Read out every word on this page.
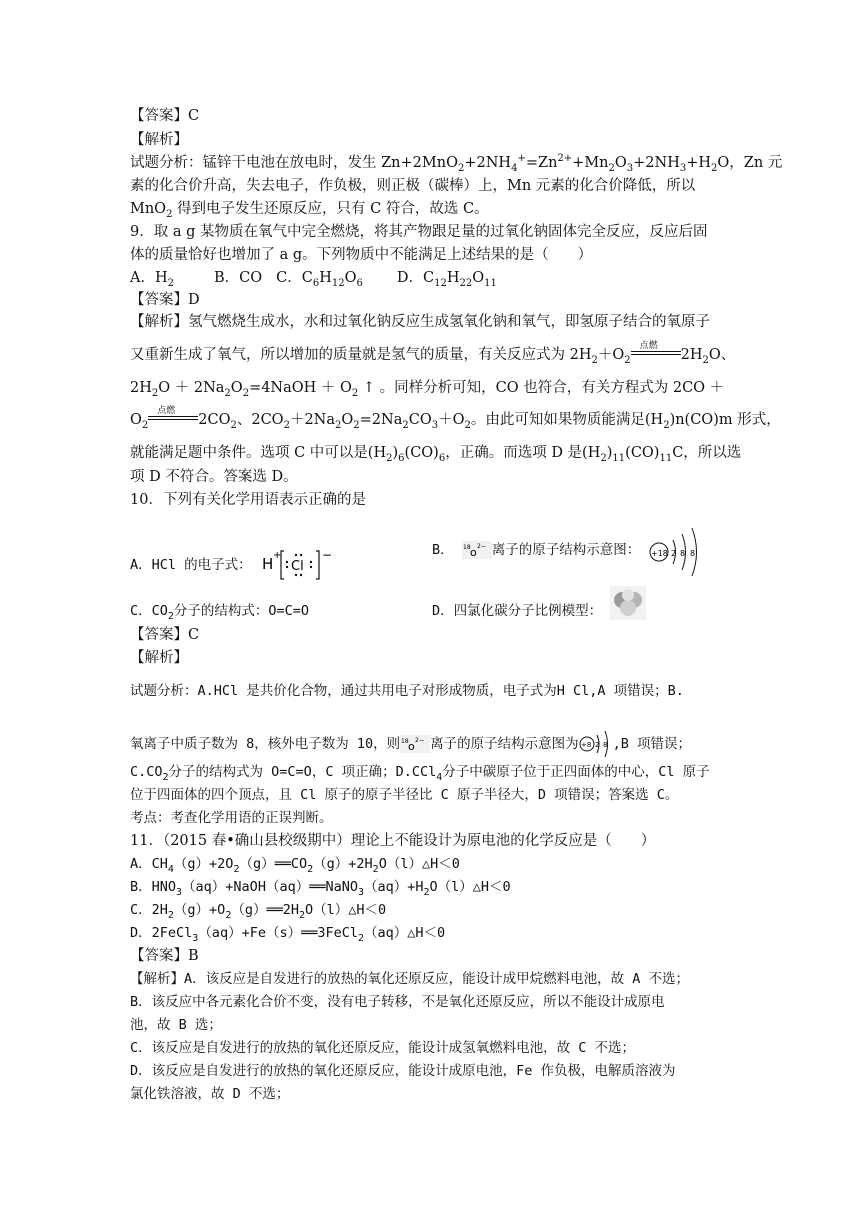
【答案】C
【解析】
试题分析：锰锌干电池在放电时，发生 $Zn+2MnO_2+2NH_4^+=Zn^{2+}+Mn_2O_3+2NH_3+H_2O$，Zn 元
素的化合价升高，失去电子，作负极，则正极（碳棒）上，Mn 元素的化合价降低，所以
MnO$_2$ 得到电子发生还原反应，只有 C 符合，故选 C。
9．取 a g 某物质在氧气中完全燃烧，将其产物跟足量的过氧化钠固体完全反应，反应后固
体的质量恰好也增加了 a g。下列物质中不能满足上述结果的是（　　）
A．$H_2$	B．CO C．$C_6H_{12}O_6$ D．$C_{12}H_{22}O_{11}$
【答案】D
【解析】氢气燃烧生成水，水和过氧化钠反应生成氢氧化钠和氧气，即氢原子结合的氧原子
又重新生成了氧气，所以增加的质量就是氢气的质量，有关反应式为 $2H_2+O_2$
点燃
$2H_2O$、
$2H_2O$ ＋ $2Na_2O_2=4NaOH + O_2$ ↑ 。同样分析可知，CO 也符合，有关方程式为 2CO ＋
$O_2$
点燃
$2CO_2$、$2CO_2+2Na_2O_2=2Na_2CO_3+O_2$。由此可知如果物质能满足$(H_2)n(CO)m$ 形式，
就能满足题中条件。选项 C 中可以是$(H_2)_6(CO)_6$，正确。而选项 D 是$(H_2)_{11}(CO)_{11}C$，所以选
项 D 不符合。答案选 D。
10．下列有关化学用语表示正确的是
A．HCl 的电子式： H +
Cl
−	B． 18 o 2− 离子的原子结构示意图： +18 2 8 8
C．$CO_2$分子的结构式：O=C=O	D．四氯化碳分子比例模型：
【答案】C
【解析】
试题分析：A.HCl 是共价化合物，通过共用电子对形成物质，电子式为H Cl,A 项错误；B.
氧离子中质子数为 8，核外电子数为 10，则 18 o 2− 离子的原子结构示意图为 +8 2 8 ,B 项错误；
$C.CO_2$分子的结构式为 O=C=O，C 项正确；D.CCl$_4$分子中碳原子位于正四面体的中心，Cl 原子
位于四面体的四个顶点，且 Cl 原子的原子半径比 C 原子半径大，D 项错误；答案选 C。
考点：考查化学用语的正误判断。
11．（2015 春•确山县校级期中）理论上不能设计为原电池的化学反应是（　　）
A．$CH_4(g)+2O_2(g)══CO_2(g)+2H_2O(l)\triangle H<0$
B．$HNO_3(aq)+NaOH(aq)══NaNO_3(aq)+H_2O(l)\triangle H<0$
C．$2H_2(g)+O_2(g)══2H_2O(l)\triangle H<0$
D．2FeCl$_3$（aq）+Fe（s）══3FeCl$_2$（aq）△H＜0
【答案】B
【解析】A．该反应是自发进行的放热的氧化还原反应，能设计成甲烷燃料电池，故 A 不选；
B．该反应中各元素化合价不变，没有电子转移，不是氧化还原反应，所以不能设计成原电
池，故 B 选；
C．该反应是自发进行的放热的氧化还原反应，能设计成氢氧燃料电池，故 C 不选；
D．该反应是自发进行的放热的氧化还原反应，能设计成原电池，Fe 作负极，电解质溶液为
氯化铁溶液，故 D 不选；
